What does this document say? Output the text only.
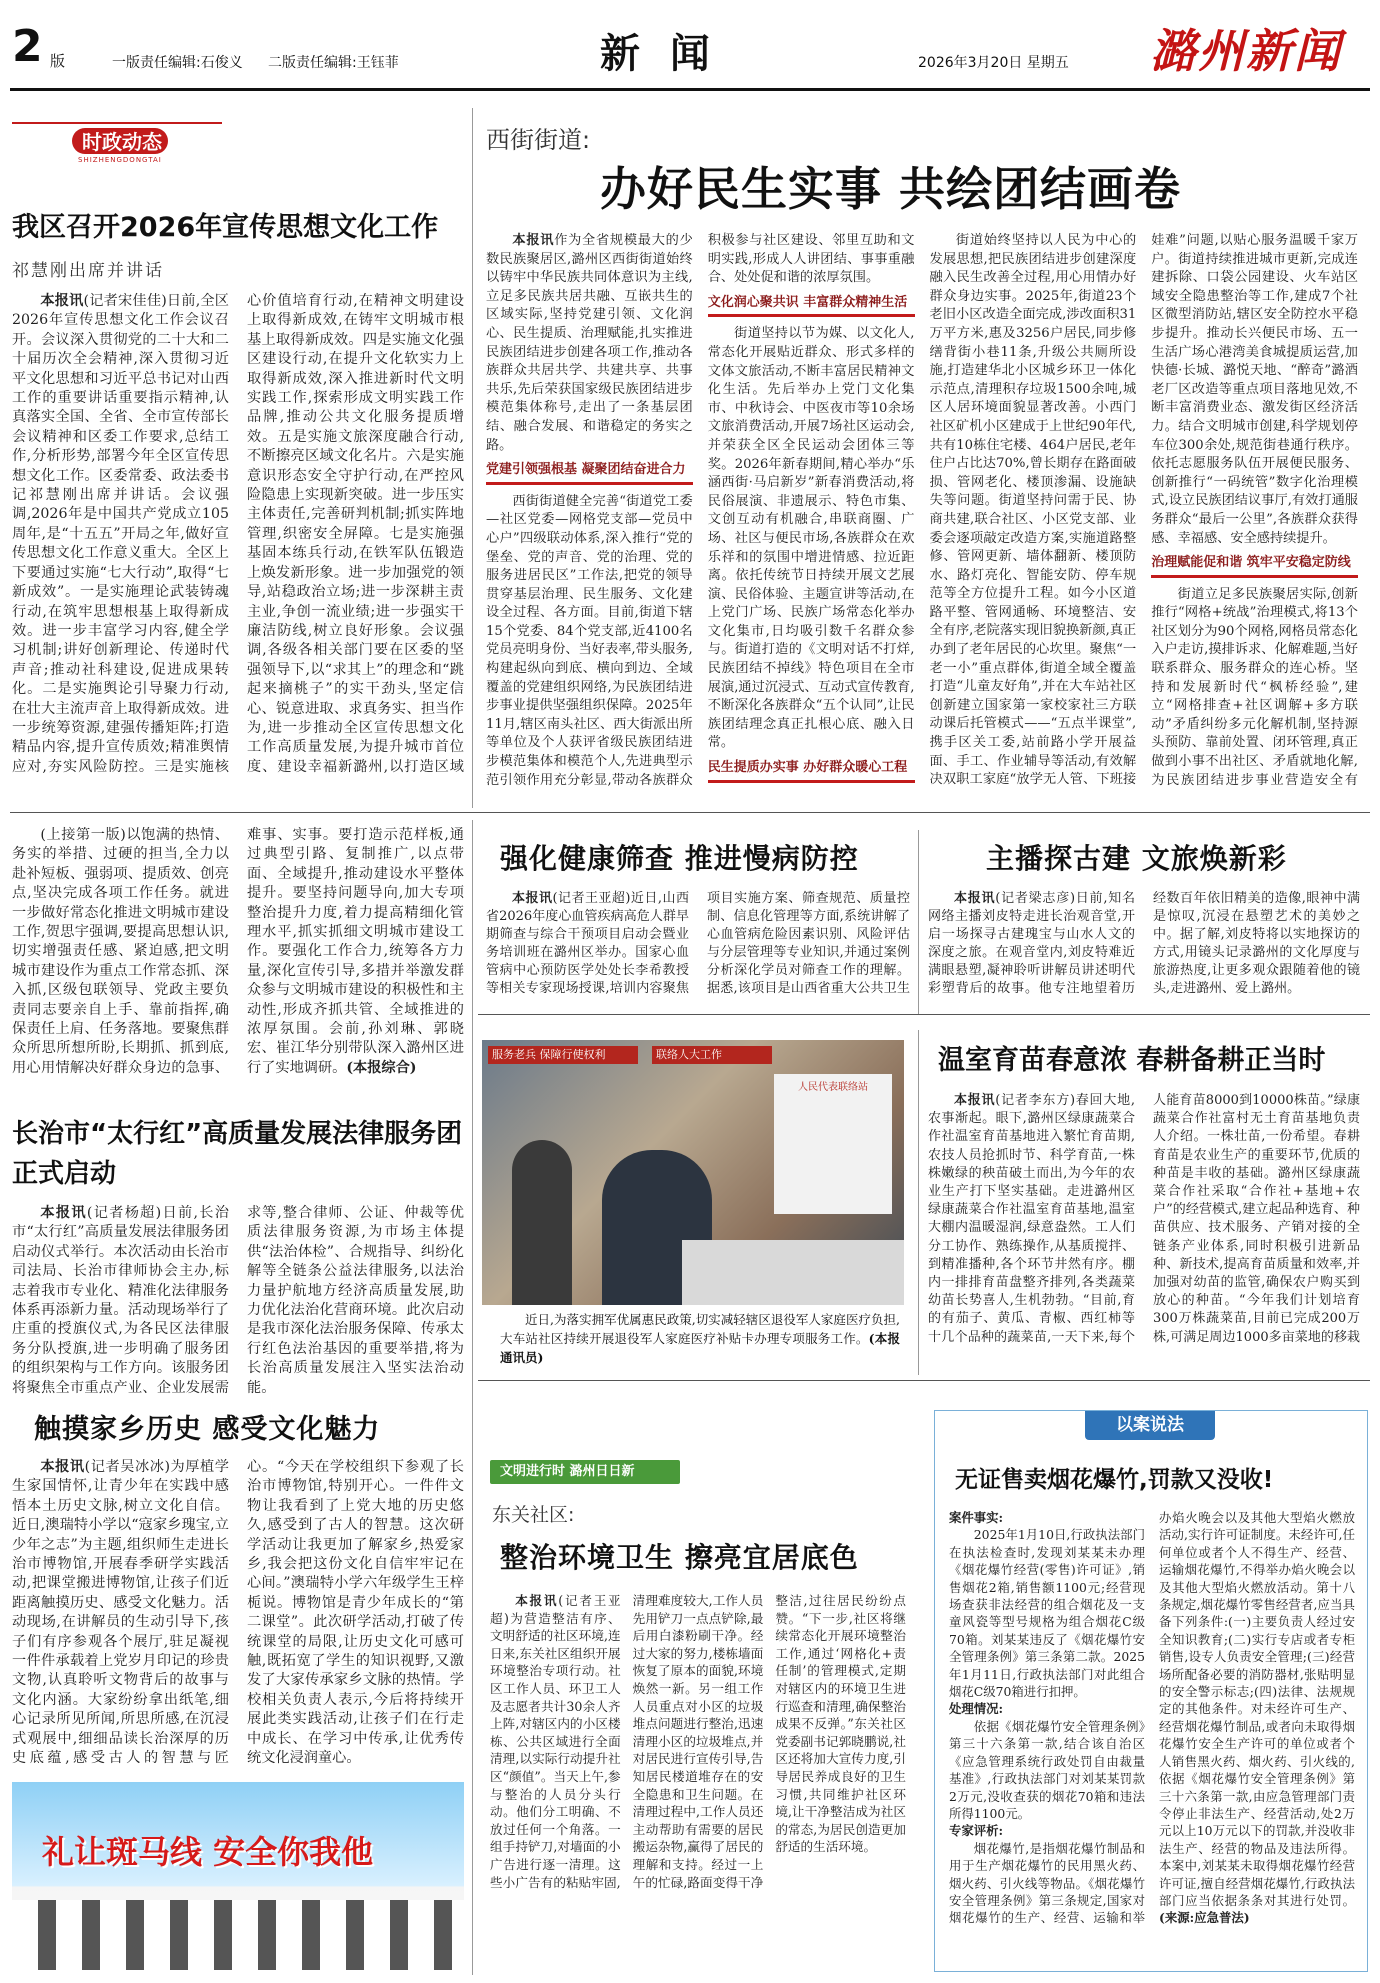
2 版	一版责任编辑:石俊义	二版责任编辑:王钰菲	新 闻	2026年3月20日 星期五	潞州新闻
时政动态
SHIZHENGDONGTAI
我区召开2026年宣传思想文化工作
祁慧刚出席并讲话

本报讯(记者宋佳佳)日前,全区2026年宣传思想文化工作会议召开。会议深入贯彻党的二十大和二十届历次全会精神,深入贯彻习近平文化思想和习近平总书记对山西工作的重要讲话重要指示精神,认真落实全国、全省、全市宣传部长会议精神和区委工作要求,总结工作,分析形势,部署今年全区宣传思想文化工作。区委常委、政法委书记祁慧刚出席并讲话。会议强调,2026年是中国共产党成立105周年,是“十五五”开局之年,做好宣传思想文化工作意义重大。全区上下要通过实施“七大行动”,取得“七新成效”。一是实施理论武装铸魂行动,在筑牢思想根基上取得新成效。进一步丰富学习内容,健全学习机制;讲好创新理论、传递时代声音;推动社科建设,促进成果转化。二是实施舆论引导聚力行动,在壮大主流声音上取得新成效。进一步统筹资源,建强传播矩阵;打造精品内容,提升宣传质效;精准舆情应对,夯实风险防控。三是实施核心价值培育行动,在精神文明建设上取得新成效,在铸牢文明城市根基上取得新成效。四是实施文化强区建设行动,在提升文化软实力上取得新成效,深入推进新时代文明实践工作,探索形成文明实践工作品牌,推动公共文化服务提质增效。五是实施文旅深度融合行动,不断擦亮区域文化名片。六是实施意识形态安全守护行动,在严控风险隐患上实现新突破。进一步压实主体责任,完善研判机制;抓实阵地管理,织密安全屏障。七是实施强基固本练兵行动,在铁军队伍锻造上焕发新形象。进一步加强党的领导,站稳政治立场;进一步深耕主责主业,争创一流业绩;进一步强实干廉洁防线,树立良好形象。会议强调,各级各相关部门要在区委的坚强领导下,以“求其上”的理念和“跳起来摘桃子”的实干劲头,坚定信心、锐意进取、求真务实、担当作为,进一步推动全区宣传思想文化工作高质量发展,为提升城市首位度、建设幸福新潞州,以打造区域

西街街道:
办好民生实事 共绘团结画卷

本报讯作为全省规模最大的少数民族聚居区,潞州区西街街道始终以铸牢中华民族共同体意识为主线,立足多民族共居共融、互嵌共生的区域实际,坚持党建引领、文化润心、民生提质、治理赋能,扎实推进民族团结进步创建各项工作,推动各族群众共居共学、共建共享、共事共乐,先后荣获国家级民族团结进步模范集体称号,走出了一条基层团结、融合发展、和谐稳定的务实之路。

党建引领强根基 凝聚团结奋进合力

西街街道健全完善“街道党工委—社区党委—网格党支部—党员中心户”四级联动体系,深入推行“党的堡垒、党的声音、党的治理、党的服务进居民区”工作法,把党的领导贯穿基层治理、民生服务、文化建设全过程、各方面。目前,街道下辖15个党委、84个党支部,近4100名党员亮明身份、当好表率,带头服务,构建起纵向到底、横向到边、全域覆盖的党建组织网络,为民族团结进步事业提供坚强组织保障。2025年11月,辖区南头社区、西大街派出所等单位及个人获评省级民族团结进步模范集体和模范个人,先进典型示范引领作用充分彰显,带动各族群众积极参与社区建设、邻里互助和文明实践,形成人人讲团结、事事重融合、处处促和谐的浓厚氛围。

文化润心聚共识 丰富群众精神生活

街道坚持以节为媒、以文化人,常态化开展贴近群众、形式多样的文体文旅活动,不断丰富居民精神文化生活。先后举办上党门文化集市、中秋诗会、中医夜市等10余场文旅消费活动,开展7场社区运动会,并荣获全区全民运动会团体三等奖。2026年新春期间,精心举办“乐涵西街·马启新岁”新春消费活动,将民俗展演、非遗展示、特色市集、文创互动有机融合,串联商圈、广场、社区与便民市场,各族群众在欢乐祥和的氛围中增进情感、拉近距离。依托传统节日持续开展文艺展演、民俗体验、主题宣讲等活动,在上党门广场、民族广场常态化举办文化集市,日均吸引数千名群众参与。街道打造的《文明对话不打烊,民族团结不掉线》特色项目在全市展演,通过沉浸式、互动式宣传教育,不断深化各族群众“五个认同”,让民族团结理念真正扎根心底、融入日常。

民生提质办实事 办好群众暖心工程

街道始终坚持以人民为中心的发展思想,把民族团结进步创建深度融入民生改善全过程,用心用情办好群众身边实事。2025年,街道23个老旧小区改造全面完成,涉改面积31万平方米,惠及3256户居民,同步修缮背街小巷11条,升级公共厕所设施,打造建华北小区城乡环卫一体化示范点,清理积存垃圾1500余吨,城区人居环境面貌显著改善。小西门社区矿机小区建成于上世纪90年代,共有10栋住宅楼、464户居民,老年住户占比达70%,曾长期存在路面破损、管网老化、楼顶渗漏、设施缺失等问题。街道坚持问需于民、协商共建,联合社区、小区党支部、业委会逐项敲定改造方案,实施道路整修、管网更新、墙体翻新、楼顶防水、路灯亮化、智能安防、停车规范等全方位提升工程。如今小区道路平整、管网通畅、环境整洁、安全有序,老院落实现旧貌换新颜,真正办到了老年居民的心坎里。聚焦“一老一小”重点群体,街道全域全覆盖打造“儿童友好角”,并在大车站社区创新建立国家第一家校家社三方联动课后托管模式——“五点半课堂”,携手区关工委,站前路小学开展益面、手工、作业辅导等活动,有效解决双职工家庭“放学无人管、下班接娃难”问题,以贴心服务温暖千家万户。街道持续推进城市更新,完成连建拆除、口袋公园建设、火车站区域安全隐患整治等工作,建成7个社区微型消防站,辖区安全防控水平稳步提升。推动长兴便民市场、五一生活广场心港湾美食城提质运营,加快德·长城、潞悦天地、“醉奇”潞酒老厂区改造等重点项目落地见效,不断丰富消费业态、激发街区经济活力。结合文明城市创建,科学规划停车位300余处,规范街巷通行秩序。依托志愿服务队伍开展便民服务、创新推行“一码统管”数字化治理模式,设立民族团结议事厅,有效打通服务群众“最后一公里”,各族群众获得感、幸福感、安全感持续提升。

治理赋能促和谐 筑牢平安稳定防线

街道立足多民族聚居实际,创新推行“网格+统战”治理模式,将13个社区划分为90个网格,网格员常态化入户走访,摸排诉求、化解难题,当好联系群众、服务群众的连心桥。坚持和发展新时代“枫桥经验”,建立“网格排查+社区调解+多方联动”矛盾纠纷多元化解机制,坚持源头预防、靠前处置、闭环管理,真正做到小事不出社区、矛盾就地化解,为民族团结进步事业营造安全有

(上接第一版)以饱满的热情、务实的举措、过硬的担当,全力以赴补短板、强弱项、提质效、创亮点,坚决完成各项工作任务。就进一步做好常态化推进文明城市建设工作,贺思宇强调,要提高思想认识,切实增强责任感、紧迫感,把文明城市建设作为重点工作常态抓、深入抓,区级包联领导、党政主要负责同志要亲自上手、靠前指挥,确保责任上肩、任务落地。要聚焦群众所思所想所盼,长期抓、抓到底,用心用情解决好群众身边的急事、难事、实事。要打造示范样板,通过典型引路、复制推广,以点带面、全域提升,推动建设水平整体提升。要坚持问题导向,加大专项整治提升力度,着力提高精细化管理水平,抓实抓细文明城市建设工作。要强化工作合力,统筹各方力量,深化宣传引导,多措并举激发群众参与文明城市建设的积极性和主动性,形成齐抓共管、全域推进的浓厚氛围。会前,孙刘琳、郭晓宏、崔江华分别带队深入潞州区进行了实地调研。(本报综合)

长治市“太行红”高质量发展法律服务团正式启动

本报讯(记者杨超)日前,长治市“太行红”高质量发展法律服务团启动仪式举行。本次活动由长治市司法局、长治市律师协会主办,标志着我市专业化、精准化法律服务体系再添新力量。活动现场举行了庄重的授旗仪式,为各民区法律服务分队授旗,进一步明确了服务团的组织架构与工作方向。该服务团将聚焦全市重点产业、企业发展需求等,整合律师、公证、仲裁等优质法律服务资源,为市场主体提供“法治体检”、合规指导、纠纷化解等全链条公益法律服务,以法治力量护航地方经济高质量发展,助力优化法治化营商环境。此次启动是我市深化法治服务保障、传承太行红色法治基因的重要举措,将为长治高质量发展注入坚实法治动能。

触摸家乡历史 感受文化魅力

本报讯(记者吴冰冰)为厚植学生家国情怀,让青少年在实践中感悟本土历史文脉,树立文化自信。近日,澳瑞特小学以“寇家乡瑰宝,立少年之志”为主题,组织师生走进长治市博物馆,开展春季研学实践活动,把课堂搬进博物馆,让孩子们近距离触摸历史、感受文化魅力。活动现场,在讲解员的生动引导下,孩子们有序参观各个展厅,驻足凝视一件件承载着上党岁月印记的珍贵文物,认真聆听文物背后的故事与文化内涵。大家纷纷拿出纸笔,细心记录所见所闻,所思所感,在沉浸式观展中,细细品读长治深厚的历史底蕴,感受古人的智慧与匠心。“今天在学校组织下参观了长治市博物馆,特别开心。一件件文物让我看到了上党大地的历史悠久,感受到了古人的智慧。这次研学活动让我更加了解家乡,热爱家乡,我会把这份文化自信牢牢记在心间。”澳瑞特小学六年级学生王梓栀说。博物馆是青少年成长的“第二课堂”。此次研学活动,打破了传统课堂的局限,让历史文化可感可触,既拓宽了学生的知识视野,又激发了大家传承家乡文脉的热情。学校相关负责人表示,今后将持续开展此类实践活动,让孩子们在行走中成长、在学习中传承,让优秀传统文化浸润童心。

礼让斑马线 安全你我他
强化健康筛查 推进慢病防控

本报讯(记者王亚超)近日,山西省2026年度心血管疾病高危人群早期筛查与综合干预项目启动会暨业务培训班在潞州区举办。国家心血管病中心预防医学处处长李希教授等相关专家现场授课,培训内容聚焦项目实施方案、筛查规范、质量控制、信息化管理等方面,系统讲解了心血管病危险因素识别、风险评估与分层管理等专业知识,并通过案例分析深化学员对筛查工作的理解。据悉,该项目是山西省重大公共卫生

主播探古建 文旅焕新彩

本报讯(记者梁志彦)日前,知名网络主播刘皮特走进长治观音堂,开启一场探寻古建瑰宝与山水人文的深度之旅。在观音堂内,刘皮特难近满眼悬塑,凝神聆听讲解员讲述明代彩塑背后的故事。他专注地望着历经数百年依旧精美的造像,眼神中满是惊叹,沉浸在悬塑艺术的美妙之中。据了解,刘皮特将以实地探访的方式,用镜头记录潞州的文化厚度与旅游热度,让更多观众跟随着他的镜头,走进潞州、爱上潞州。

服务老兵 保障行使权利	联络人大工作
人民代表联络站
近日,为落实拥军优属惠民政策,切实减轻辖区退役军人家庭医疗负担,大车站社区持续开展退役军人家庭医疗补贴卡办理专项服务工作。(本报通讯员)
温室育苗春意浓 春耕备耕正当时

本报讯(记者李东方)春回大地,农事渐起。眼下,潞州区绿康蔬菜合作社温室育苗基地进入繁忙育苗期,农技人员抢抓时节、科学育苗,一株株嫩绿的秧苗破土而出,为今年的农业生产打下坚实基础。走进潞州区绿康蔬菜合作社温室育苗基地,温室大棚内温暖湿润,绿意盎然。工人们分工协作、熟练操作,从基质搅拌、到精准播种,各个环节井然有序。棚内一排排育苗盘整齐排列,各类蔬菜幼苗长势喜人,生机勃勃。“目前,育的有茄子、黄瓜、青椒、西红柿等十几个品种的蔬菜苗,一天下来,每个人能育苗8000到10000株苗。”绿康蔬菜合作社富村无土育苗基地负责人介绍。一株壮苗,一份希望。春耕育苗是农业生产的重要环节,优质的种苗是丰收的基础。潞州区绿康蔬菜合作社采取“合作社+基地+农户”的经营模式,建立起品种选育、种苗供应、技术服务、产销对接的全链条产业体系,同时积极引进新品种、新技术,提高育苗质量和效率,并加强对幼苗的监管,确保农户购买到放心的种苗。“今年我们计划培育300万株蔬菜苗,目前已完成200万株,可满足周边1000多亩菜地的移栽

文明进行时 潞州日日新
东关社区:
整治环境卫生 擦亮宜居底色

本报讯(记者王亚超)为营造整洁有序、文明舒适的社区环境,连日来,东关社区组织开展环境整治专项行动。社区工作人员、环卫工人及志愿者共计30余人齐上阵,对辖区内的小区楼栋、公共区域进行全面清理,以实际行动提升社区“颜值”。当天上午,参与整治的人员分头行动。他们分工明确、不放过任何一个角落。一组手持铲刀,对墙面的小广告进行逐一清理。这些小广告有的粘贴牢固,清理难度较大,工作人员先用铲刀一点点铲除,最后用白漆粉刷干净。经过大家的努力,楼栋墙面恢复了原本的面貌,环境焕然一新。另一组工作人员重点对小区的垃圾堆点问题进行整治,迅速清理小区的垃圾堆点,并对居民进行宣传引导,告知居民楼道堆存在的安全隐患和卫生问题。在清理过程中,工作人员还主动帮助有需要的居民搬运杂物,赢得了居民的理解和支持。经过一上午的忙碌,路面变得干净整洁,过往居民纷纷点赞。“下一步,社区将继续常态化开展环境整治工作,通过‘网格化+责任制’的管理模式,定期对辖区内的环境卫生进行巡查和清理,确保整治成果不反弹。”东关社区党委副书记郭晓鹏说,社区还将加大宣传力度,引导居民养成良好的卫生习惯,共同维护社区环境,让干净整洁成为社区的常态,为居民创造更加舒适的生活环境。

以案说法
无证售卖烟花爆竹,罚款又没收!
案件事实:

2025年1月10日,行政执法部门在执法检查时,发现刘某某未办理《烟花爆竹经营(零售)许可证》,销售烟花2箱,销售额1100元;经营现场查获非法经营的组合烟花及一支童风瓷等型号规格为组合烟花C级70箱。刘某某违反了《烟花爆竹安全管理条例》第三条第二款。2025年1月11日,行政执法部门对此组合烟花C级70箱进行扣押。

处理情况:

依据《烟花爆竹安全管理条例》第三十六条第一款,结合该自治区《应急管理系统行政处罚自由裁量基准》,行政执法部门对刘某某罚款2万元,没收查获的烟花70箱和违法所得1100元。

专家评析:

烟花爆竹,是指烟花爆竹制品和用于生产烟花爆竹的民用黑火药、烟火药、引火线等物品。《烟花爆竹安全管理条例》第三条规定,国家对烟花爆竹的生产、经营、运输和举办焰火晚会以及其他大型焰火燃放活动,实行许可证制度。未经许可,任何单位或者个人不得生产、经营、运输烟花爆竹,不得举办焰火晚会以及其他大型焰火燃放活动。第十八条规定,烟花爆竹零售经营者,应当具备下列条件:(一)主要负责人经过安全知识教育;(二)实行专店或者专柜销售,设专人负责安全管理;(三)经营场所配备必要的消防器材,张贴明显的安全警示标志;(四)法律、法规规定的其他条件。对未经许可生产、经营烟花爆竹制品,或者向未取得烟花爆竹安全生产许可的单位或者个人销售黑火药、烟火药、引火线的,依据《烟花爆竹安全管理条例》第三十六条第一款,由应急管理部门责令停止非法生产、经营活动,处2万元以上10万元以下的罚款,并没收非法生产、经营的物品及违法所得。本案中,刘某某未取得烟花爆竹经营许可证,擅自经营烟花爆竹,行政执法部门应当依据条条对其进行处罚。(来源:应急普法)
